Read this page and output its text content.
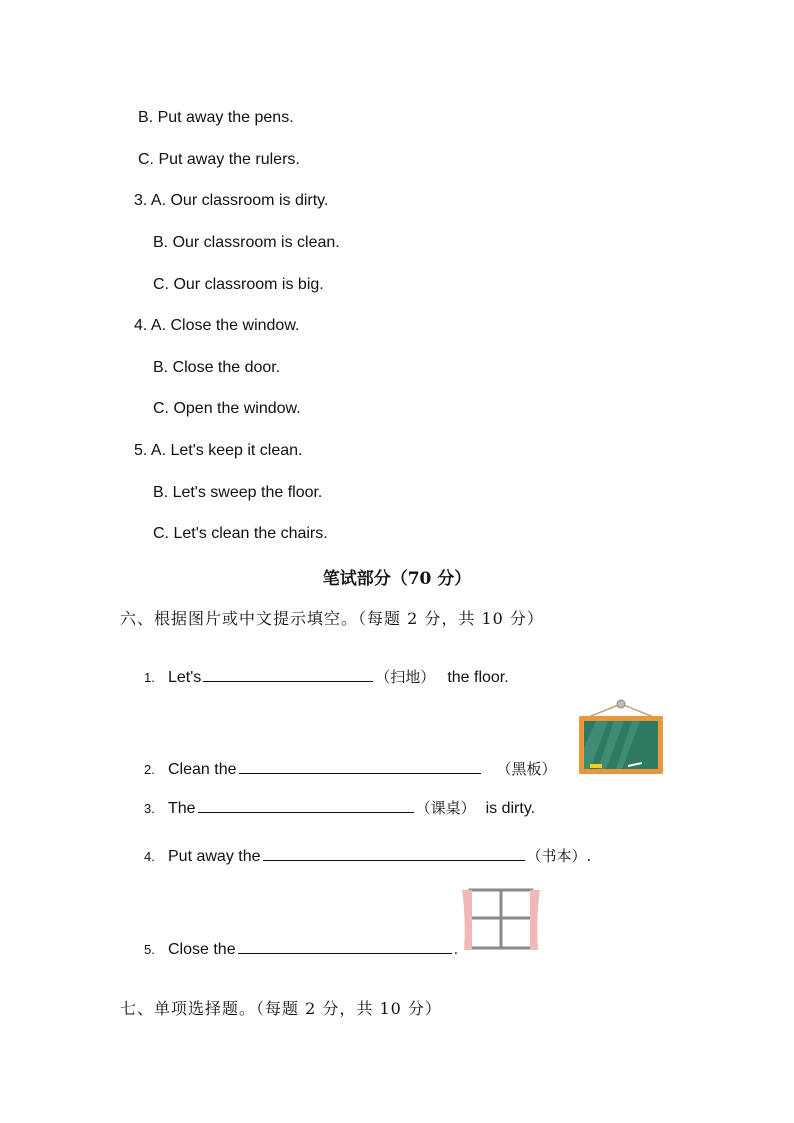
B. Put away the pens.
C. Put away the rulers.
3. A. Our classroom is dirty.
B. Our classroom is clean.
C. Our classroom is big.
4. A. Close the window.
B. Close the door.
C. Open the window.
5. A. Let's keep it clean.
B. Let's sweep the floor.
C. Let's clean the chairs.
笔试部分（70 分）
六、根据图片或中文提示填空。（每题 2 分，共 10 分）
1. Let's	（扫地） the floor.
2. Clean the	（黑板）
3. The	（课桌） is dirty.
4. Put away the	（书本）.
5. Close the	.
七、单项选择题。（每题 2 分，共 10 分）
